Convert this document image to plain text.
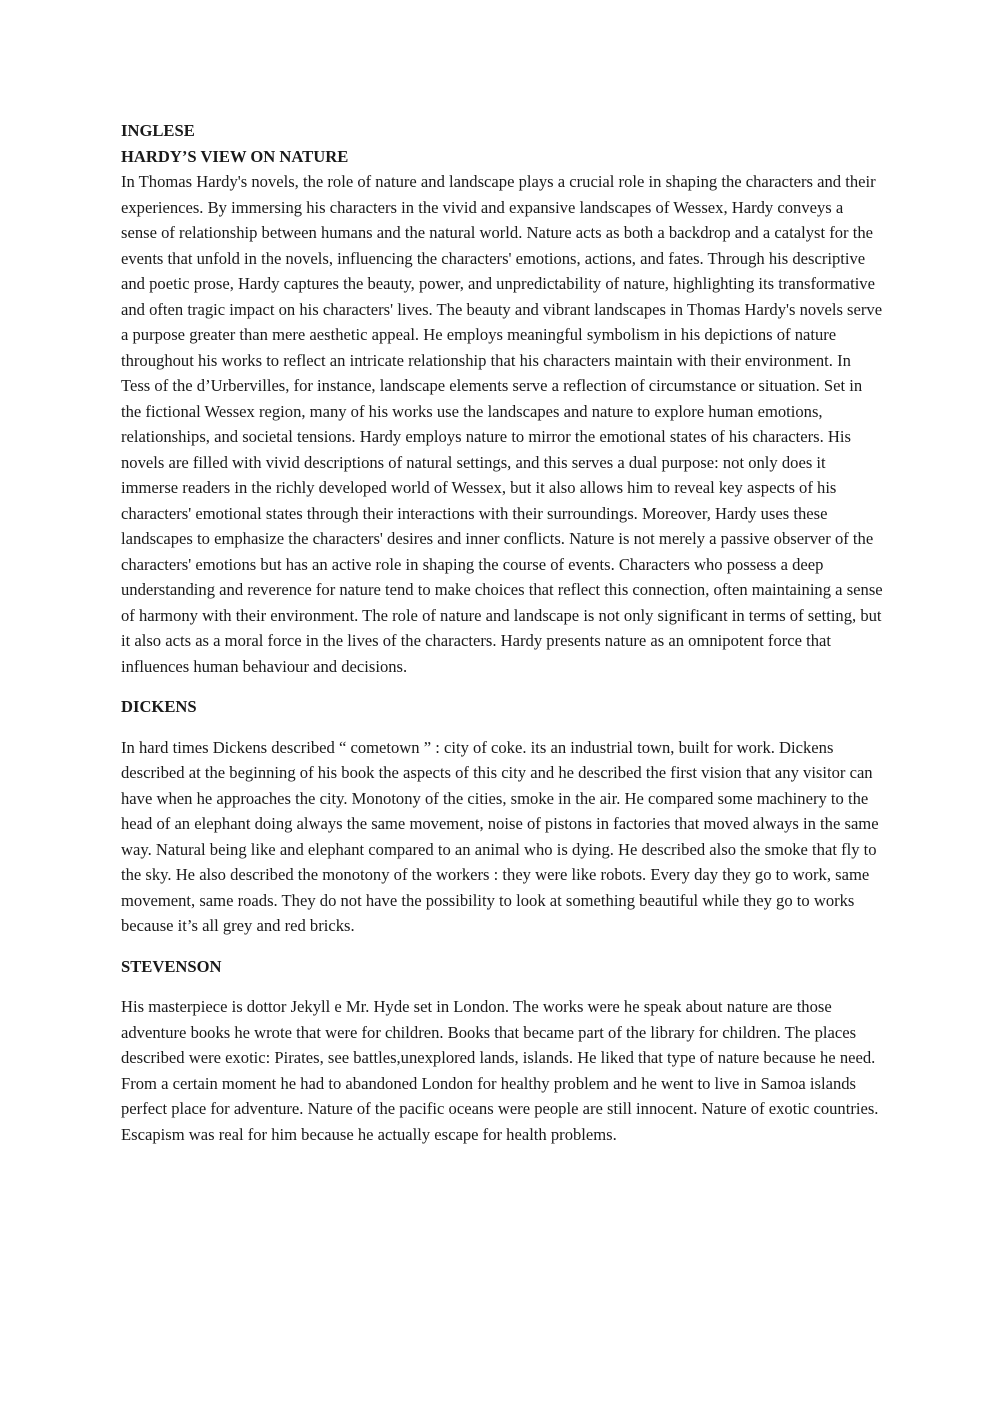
INGLESE

HARDY’S VIEW ON NATURE

In Thomas Hardy's novels, the role of nature and landscape plays a crucial role in shaping the characters and their experiences. By immersing his characters in the vivid and expansive landscapes of Wessex, Hardy conveys a sense of relationship between humans and the natural world. Nature acts as both a backdrop and a catalyst for the events that unfold in the novels, influencing the characters' emotions, actions, and fates. Through his descriptive and poetic prose, Hardy captures the beauty, power, and unpredictability of nature, highlighting its transformative and often tragic impact on his characters' lives. The beauty and vibrant landscapes in Thomas Hardy's novels serve a purpose greater than mere aesthetic appeal. He employs meaningful symbolism in his depictions of nature throughout his works to reflect an intricate relationship that his characters maintain with their environment. In Tess of the d’Urbervilles, for instance, landscape elements serve a reflection of circumstance or situation. Set in the fictional Wessex region, many of his works use the landscapes and nature to explore human emotions, relationships, and societal tensions. Hardy employs nature to mirror the emotional states of his characters. His novels are filled with vivid descriptions of natural settings, and this serves a dual purpose: not only does it immerse readers in the richly developed world of Wessex, but it also allows him to reveal key aspects of his characters' emotional states through their interactions with their surroundings. Moreover, Hardy uses these landscapes to emphasize the characters' desires and inner conflicts. Nature is not merely a passive observer of the characters' emotions but has an active role in shaping the course of events. Characters who possess a deep understanding and reverence for nature tend to make choices that reflect this connection, often maintaining a sense of harmony with their environment. The role of nature and landscape is not only significant in terms of setting, but it also acts as a moral force in the lives of the characters. Hardy presents nature as an omnipotent force that influences human behaviour and decisions.

DICKENS

In hard times Dickens described “ cometown ” : city of coke. its an industrial town, built for work. Dickens described at the beginning of his book the aspects of this city and he described the first vision that any visitor can have when he approaches the city. Monotony of the cities, smoke in the air. He compared some machinery to the head of an elephant doing always the same movement, noise of pistons in factories that moved always in the same way. Natural being like and elephant compared to an animal who is dying. He described also the smoke that fly to the sky. He also described the monotony of the workers : they were like robots. Every day they go to work, same movement, same roads. They do not have the possibility to look at something beautiful while they go to works because it’s all grey and red bricks.

STEVENSON

His masterpiece is dottor Jekyll e Mr. Hyde set in London. The works were he speak about nature are those adventure books he wrote that were for children. Books that became part of the library for children. The places described were exotic: Pirates, see battles,unexplored lands, islands. He liked that type of nature because he need. From a certain moment he had to abandoned London for healthy problem and he went to live in Samoa islands perfect place for adventure. Nature of the pacific oceans were people are still innocent. Nature of exotic countries. Escapism was real for him because he actually escape for health problems.
